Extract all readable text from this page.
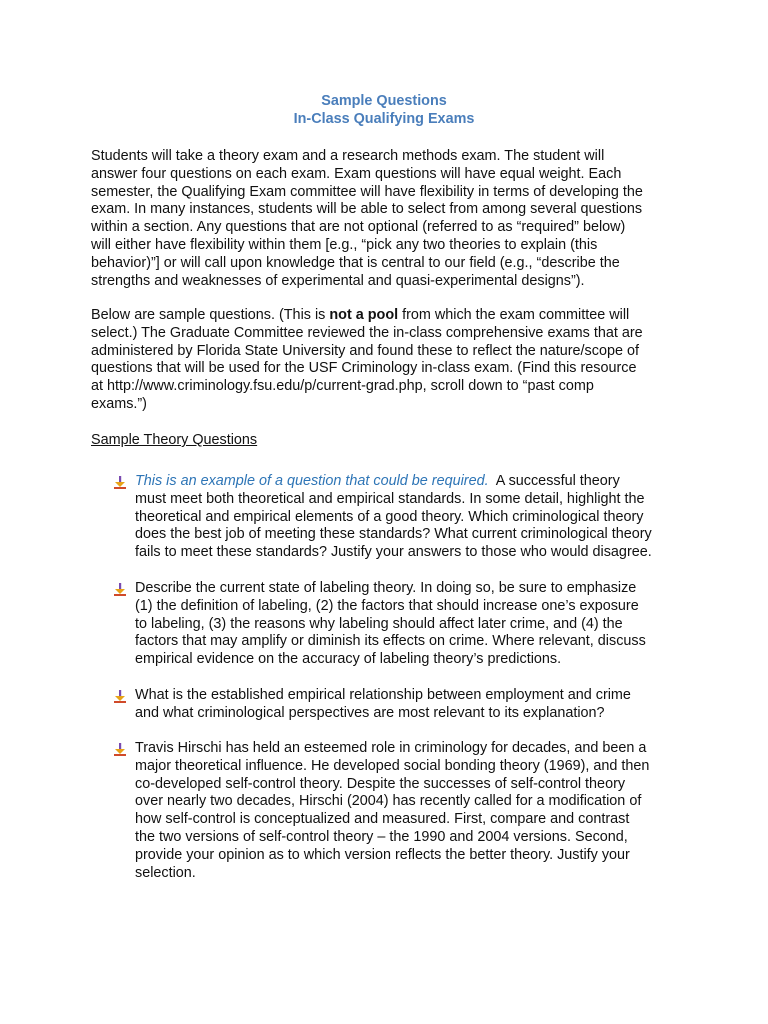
Sample Questions
In-Class Qualifying Exams
Students will take a theory exam and a research methods exam. The student will
answer four questions on each exam. Exam questions will have equal weight. Each
semester, the Qualifying Exam committee will have flexibility in terms of developing the
exam. In many instances, students will be able to select from among several questions
within a section. Any questions that are not optional (referred to as “required” below)
will either have flexibility within them [e.g., “pick any two theories to explain (this
behavior)”] or will call upon knowledge that is central to our field (e.g., “describe the
strengths and weaknesses of experimental and quasi-experimental designs”).
Below are sample questions. (This is not a pool from which the exam committee will
select.) The Graduate Committee reviewed the in-class comprehensive exams that are
administered by Florida State University and found these to reflect the nature/scope of
questions that will be used for the USF Criminology in-class exam. (Find this resource
at http://www.criminology.fsu.edu/p/current-grad.php, scroll down to “past comp
exams.”)
Sample Theory Questions
This is an example of a question that could be required.  A successful theory
must meet both theoretical and empirical standards. In some detail, highlight the
theoretical and empirical elements of a good theory. Which criminological theory
does the best job of meeting these standards? What current criminological theory
fails to meet these standards? Justify your answers to those who would disagree.
Describe the current state of labeling theory. In doing so, be sure to emphasize
(1) the definition of labeling, (2) the factors that should increase one’s exposure
to labeling, (3) the reasons why labeling should affect later crime, and (4) the
factors that may amplify or diminish its effects on crime. Where relevant, discuss
empirical evidence on the accuracy of labeling theory’s predictions.
What is the established empirical relationship between employment and crime
and what criminological perspectives are most relevant to its explanation?
Travis Hirschi has held an esteemed role in criminology for decades, and been a
major theoretical influence. He developed social bonding theory (1969), and then
co-developed self-control theory. Despite the successes of self-control theory
over nearly two decades, Hirschi (2004) has recently called for a modification of
how self-control is conceptualized and measured. First, compare and contrast
the two versions of self-control theory – the 1990 and 2004 versions. Second,
provide your opinion as to which version reflects the better theory. Justify your
selection.
